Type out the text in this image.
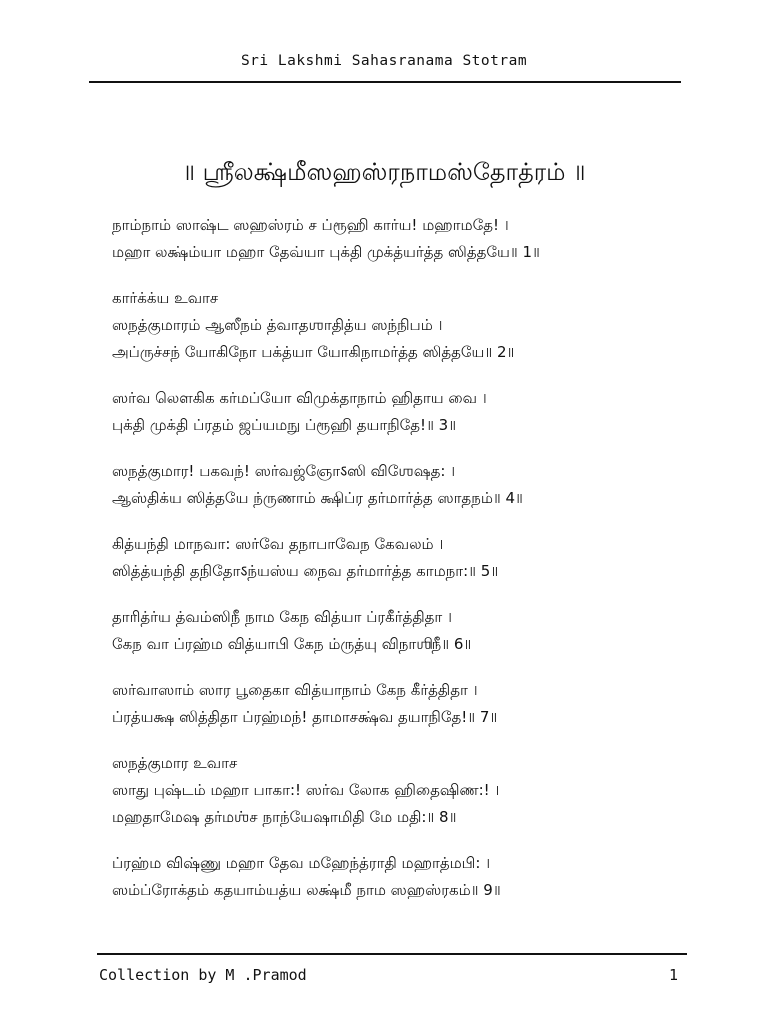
Sri Lakshmi Sahasranama Stotram
॥ ஶ்ரீலக்ஷ்மீஸஹஸ்ரநாமஸ்தோத்ரம் ॥
நாம்நாம் ஸாஷ்ட ஸஹஸ்ரம் ச ப்ரூஹி கார்ய! மஹாமதே! ।
மஹா லக்ஷ்ம்யா மஹா தேவ்யா புக்தி முக்த்யர்த்த ஸித்தயே॥ 1॥
கார்க்க்ய உவாச
ஸநத்குமாரம் ஆஸீநம் த்வாதஶாதித்ய ஸந்நிபம் ।
அப்ருச்சந் யோகிநோ பக்த்யா யோகிநாமர்த்த ஸித்தயே॥ 2॥
ஸர்வ லௌகிக கர்மப்யோ விமுக்தாநாம் ஹிதாய வை ।
புக்தி முக்தி ப்ரதம் ஜப்யமநு ப்ரூஹி தயாநிதே!॥ 3॥
ஸநத்குமார! பகவந்! ஸர்வஜ்ஞோऽஸி விஶேஷத: ।
ஆஸ்திக்ய ஸித்தயே ந்ருணாம் க்ஷிப்ர தர்மார்த்த ஸாதநம்॥ 4॥
கித்யந்தி மாநவா: ஸர்வே தநாபாவேந கேவலம் ।
ஸித்த்யந்தி தநிதோऽந்யஸ்ய நைவ தர்மார்த்த காமநா:॥ 5॥
தாரித்ர்ய த்வம்ஸிநீ நாம கேந வித்யா ப்ரகீர்த்திதா ।
கேந வா ப்ரஹ்ம வித்யாபி கேந ம்ருத்யு விநாஶிநீ॥ 6॥
ஸர்வாஸாம் ஸார பூதைகா வித்யாநாம் கேந கீர்த்திதா ।
ப்ரத்யக்ஷ ஸித்திதா ப்ரஹ்மந்! தாமாசக்ஷ்வ தயாநிதே!॥ 7॥
ஸநத்குமார உவாச
ஸாது புஷ்டம் மஹா பாகா:! ஸர்வ லோக ஹிதைஷிண:! ।
மஹதாமேஷ தர்மஶ்ச நாந்யேஷாமிதி மே மதி:॥ 8॥
ப்ரஹ்ம விஷ்ணு மஹா தேவ மஹேந்த்ராதி மஹாத்மபி: ।
ஸம்ப்ரோக்தம் கதயாம்யத்ய லக்ஷ்மீ நாம ஸஹஸ்ரகம்॥ 9॥
Collection by M .Pramod	1
